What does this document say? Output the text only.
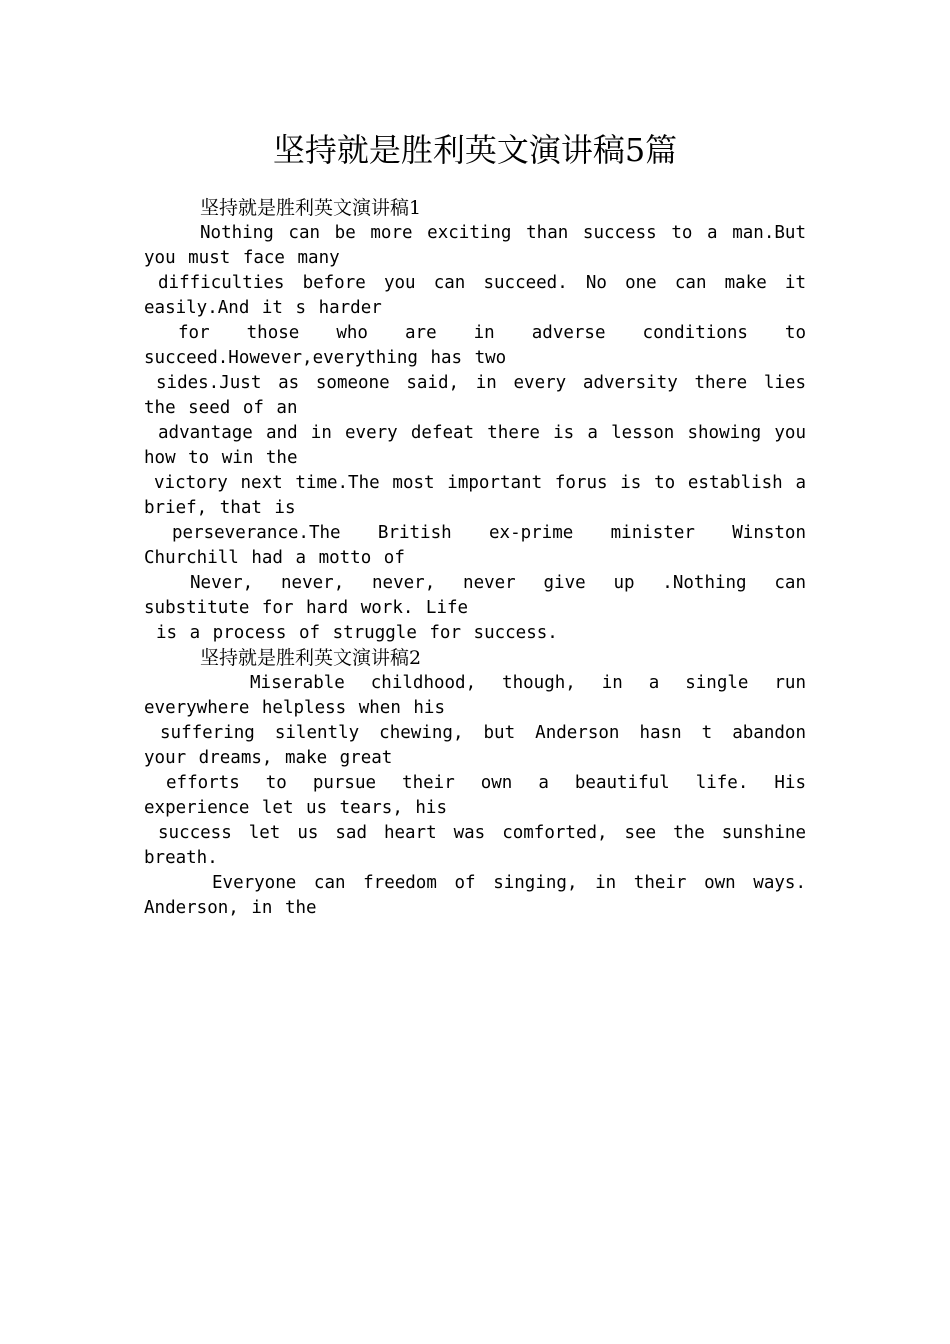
坚持就是胜利英文演讲稿5篇
坚持就是胜利英文演讲稿1
Nothing can be more exciting than success to a man.But you must face many
difficulties before you can succeed. No one can make it easily.And it s harder
for those who are in adverse conditions to succeed.However,everything has two
sides.Just as someone said, in every adversity there lies the seed of an
advantage and in every defeat there is a lesson showing you how to win the
victory next time.The most important forus is to establish a brief, that is
perseverance.The British ex-prime minister Winston Churchill had a motto of
Never, never, never, never give up .Nothing can substitute for hard work. Life
is a process of struggle for success.
坚持就是胜利英文演讲稿2
Miserable childhood, though, in a single run everywhere helpless when his
suffering silently chewing, but Anderson hasn t abandon your dreams, make great
efforts to pursue their own a beautiful life. His experience let us tears, his
success let us sad heart was comforted, see the sunshine breath.
Everyone can freedom of singing, in their own ways. Anderson, in the
